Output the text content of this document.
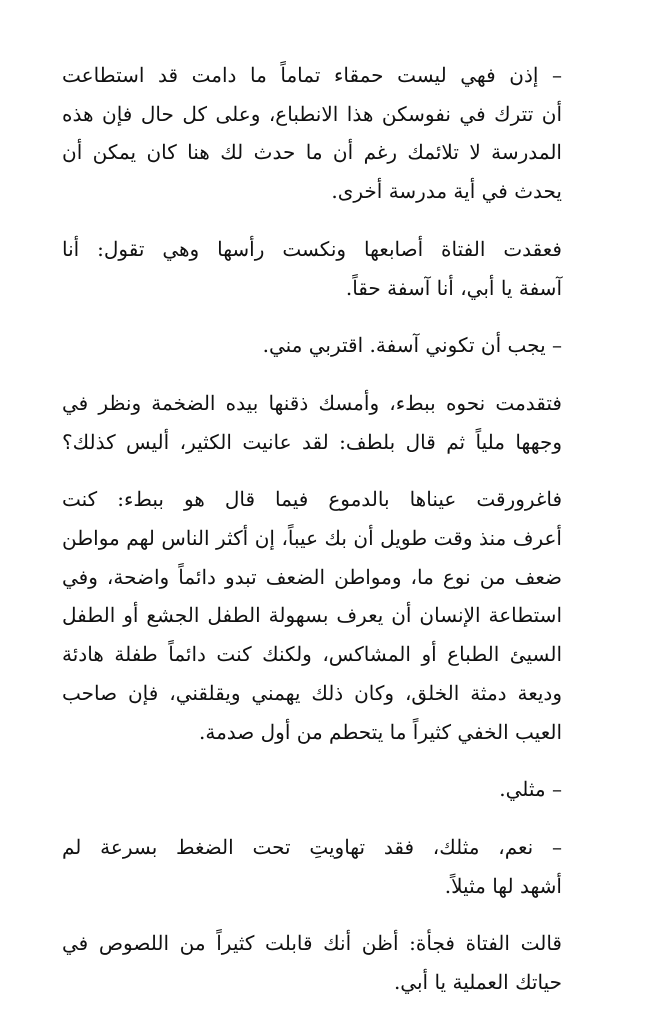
– إذن فهي ليست حمقاء تماماً ما دامت قد استطاعت
أن تترك في نفوسكن هذا الانطباع، وعلى كل حال فإن هذه
المدرسة لا تلائمك رغم أن ما حدث لك هنا كان يمكن أن
يحدث في أية مدرسة أخرى.

فعقدت الفتاة أصابعها ونكست رأسها وهي تقول: أنا
آسفة يا أبي، أنا آسفة حقاً.

– يجب أن تكوني آسفة. اقتربي مني.

فتقدمت نحوه ببطء، وأمسك ذقنها بيده الضخمة ونظر في
وجهها ملياً ثم قال بلطف: لقد عانيت الكثير، أليس كذلك؟

فاغرورقت عيناها بالدموع فيما قال هو ببطء: كنت
أعرف منذ وقت طويل أن بك عيباً، إن أكثر الناس لهم مواطن
ضعف من نوع ما، ومواطن الضعف تبدو دائماً واضحة، وفي
استطاعة الإنسان أن يعرف بسهولة الطفل الجشع أو الطفل
السيئ الطباع أو المشاكس، ولكنك كنت دائماً طفلة هادئة
وديعة دمثة الخلق، وكان ذلك يهمني ويقلقني، فإن صاحب
العيب الخفي كثيراً ما يتحطم من أول صدمة.

– مثلي.

– نعم، مثلك، فقد تهاويتِ تحت الضغط بسرعة لم
أشهد لها مثيلاً.

قالت الفتاة فجأة: أظن أنك قابلت كثيراً من اللصوص في
حياتك العملية يا أبي.
